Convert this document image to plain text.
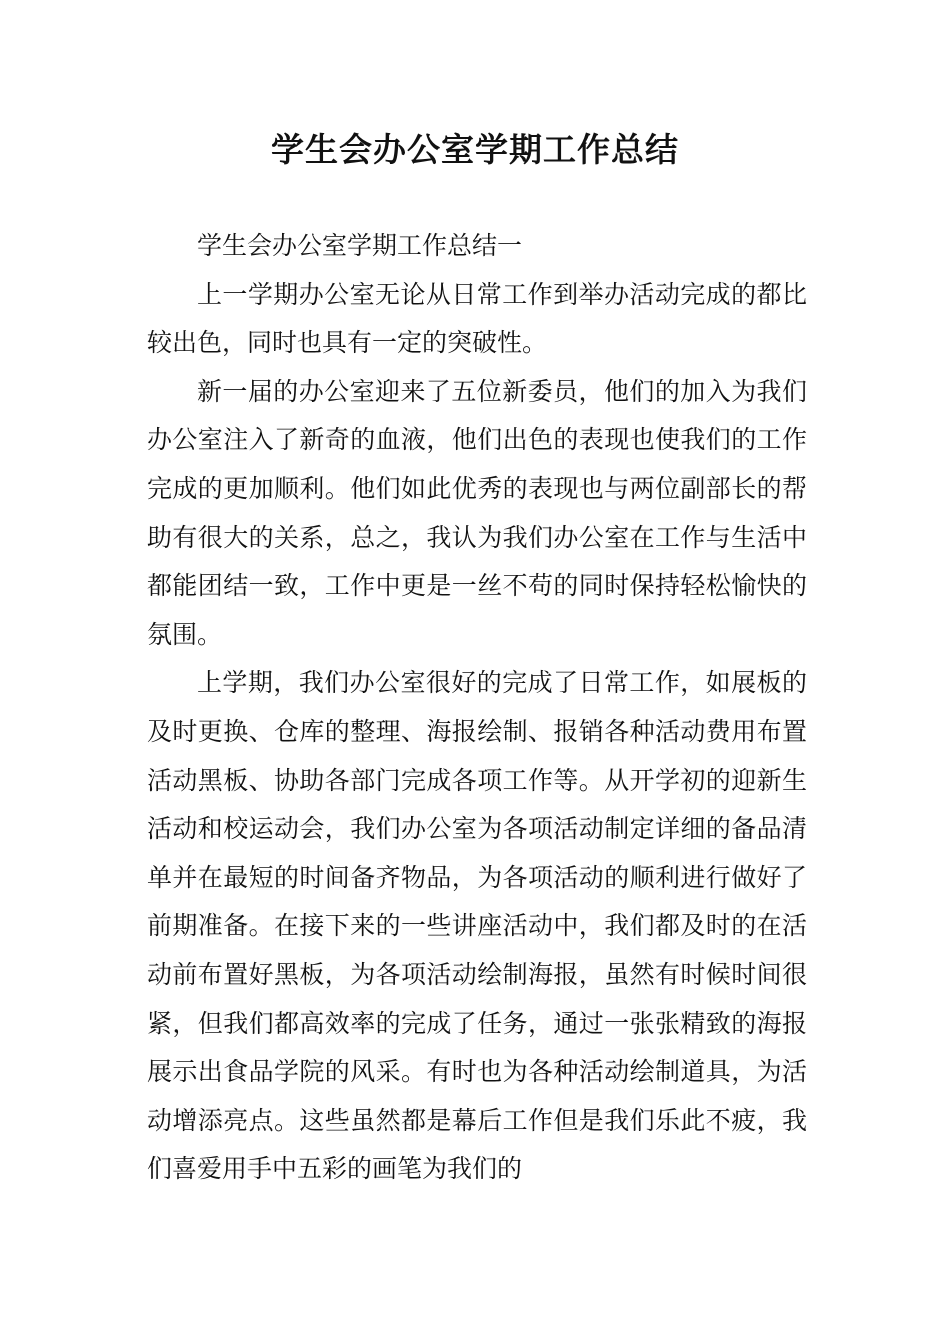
学生会办公室学期工作总结

学生会办公室学期工作总结一

上一学期办公室无论从日常工作到举办活动完成的都比较出色，同时也具有一定的突破性。

新一届的办公室迎来了五位新委员，他们的加入为我们办公室注入了新奇的血液，他们出色的表现也使我们的工作完成的更加顺利。他们如此优秀的表现也与两位副部长的帮助有很大的关系，总之，我认为我们办公室在工作与生活中都能团结一致，工作中更是一丝不苟的同时保持轻松愉快的氛围。

上学期，我们办公室很好的完成了日常工作，如展板的及时更换、仓库的整理、海报绘制、报销各种活动费用布置活动黑板、协助各部门完成各项工作等。从开学初的迎新生活动和校运动会，我们办公室为各项活动制定详细的备品清单并在最短的时间备齐物品，为各项活动的顺利进行做好了前期准备。在接下来的一些讲座活动中，我们都及时的在活动前布置好黑板，为各项活动绘制海报，虽然有时候时间很紧，但我们都高效率的完成了任务，通过一张张精致的海报展示出食品学院的风采。有时也为各种活动绘制道具，为活动增添亮点。这些虽然都是幕后工作但是我们乐此不疲，我们喜爱用手中五彩的画笔为我们的
